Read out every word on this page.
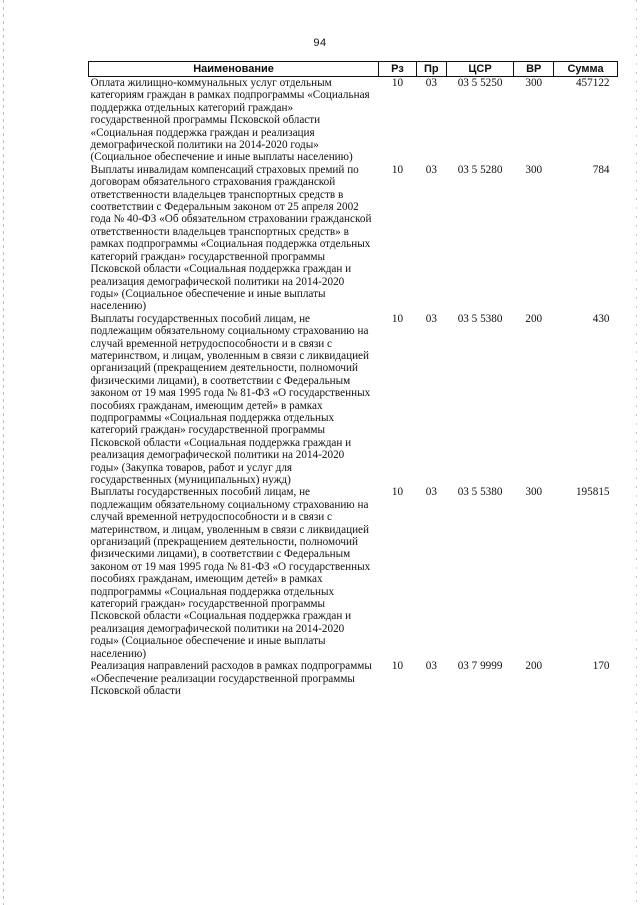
94
Наименование	Рз	Пр	ЦСР	ВР	Сумма
Оплата жилищно-коммунальных услуг отдельным категориям граждан в рамках подпрограммы «Социальная поддержка отдельных категорий граждан» государственной программы Псковской области «Социальная поддержка граждан и реализация демографической политики на 2014-2020 годы» (Социальное обеспечение и иные выплаты населению)	10	03	03 5 5250	300	457122
Выплаты инвалидам компенсаций страховых премий по договорам обязательного страхования гражданской ответственности владельцев транспортных средств в соответствии с Федеральным законом от 25 апреля 2002 года № 40-ФЗ «Об обязательном страховании гражданской ответственности владельцев транспортных средств» в рамках подпрограммы «Социальная поддержка отдельных категорий граждан» государственной программы Псковской области «Социальная поддержка граждан и реализация демографической политики на 2014-2020 годы» (Социальное обеспечение и иные выплаты населению)	10	03	03 5 5280	300	784
Выплаты государственных пособий лицам, не подлежащим обязательному социальному страхованию на случай временной нетрудоспособности и в связи с материнством, и лицам, уволенным в связи с ликвидацией организаций (прекращением деятельности, полномочий физическими лицами), в соответствии с Федеральным законом от 19 мая 1995 года № 81-ФЗ «О государственных пособиях гражданам, имеющим детей» в рамках подпрограммы «Социальная поддержка отдельных категорий граждан» государственной программы Псковской области «Социальная поддержка граждан и реализация демографической политики на 2014-2020 годы» (Закупка товаров, работ и услуг для государственных (муниципальных) нужд)	10	03	03 5 5380	200	430
Выплаты государственных пособий лицам, не подлежащим обязательному социальному страхованию на случай временной нетрудоспособности и в связи с материнством, и лицам, уволенным в связи с ликвидацией организаций (прекращением деятельности, полномочий физическими лицами), в соответствии с Федеральным законом от 19 мая 1995 года № 81-ФЗ «О государственных пособиях гражданам, имеющим детей» в рамках подпрограммы «Социальная поддержка отдельных категорий граждан» государственной программы Псковской области «Социальная поддержка граждан и реализация демографической политики на 2014-2020 годы» (Социальное обеспечение и иные выплаты населению)	10	03	03 5 5380	300	195815
Реализация направлений расходов в рамках подпрограммы «Обеспечение реализации государственной программы Псковской области	10	03	03 7 9999	200	170
